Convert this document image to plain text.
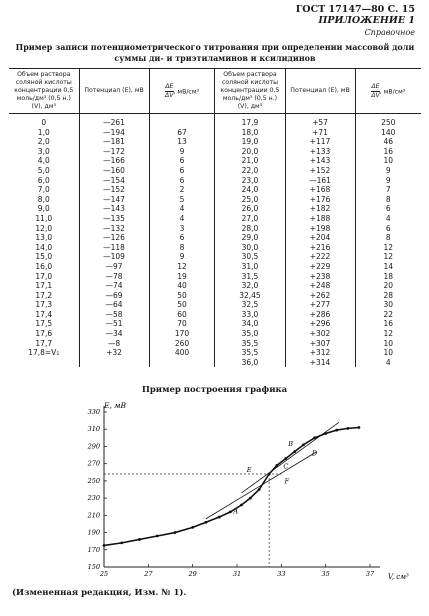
ГОСТ 17147—80 С. 15
ПРИЛОЖЕНИЕ 1
Справочное
Пример записи потенциометрического титрования при определении массовой доли суммы ди- и триэтиламинов и ксилидинов
Объем раствора соляной кислоты концентрации 0,5 моль/дм³ (0,5 н.) (V), дм³	Потенциал (E), мВ	$\frac{\Delta E}{\Delta V}$ , мВ/см³	Объем раствора соляной кислоты концентрации 0,5 моль/дм³ (0,5 н.) (V), дм³	Потенциал (E), мВ	$\frac{\Delta E}{\Delta V}$ , мВ/см³
0	—261		17,9	+57	250
1,0	—194	67	18,0	+71	140
2,0	—181	13	19,0	+117	46
3,0	—172	9	20,0	+133	16
4,0	—166	6	21,0	+143	10
5,0	—160	6	22,0	+152	9
6,0	—154	6	23,0	—161	9
7,0	—152	2	24,0	+168	7
8,0	—147	5	25,0	+176	8
9,0	—143	4	26,0	+182	6
11,0	—135	4	27,0	+188	4
12,0	—132	3	28,0	+198	6
13,0	—126	6	29,0	+204	8
14,0	—118	8	30,0	+216	12
15,0	—109	9	30,5	+222	12
16,0	—97	12	31,0	+229	14
17,0	—78	19	31,5	+238	18
17,1	—74	40	32,0	+248	20
17,2	—69	50	32,45	+262	28
17,3	—64	50	32,5	+277	30
17,4	—58	60	33,0	+286	22
17,5	—51	70	34,0	+296	16
17,6	—34	170	35,0	+302	12
17,7	—8	260	35,5	+307	10
17,8=V₁	+32	400	35,5	+312	10
			36,0	+314	4
Пример построения графика
25	27	29	31	33	35	37
150
170
190
210
230
250
270
290
310
330
A
B
C
D
E
F
E, мВ
V, см³
(Измененная редакция, Изм. № 1).
